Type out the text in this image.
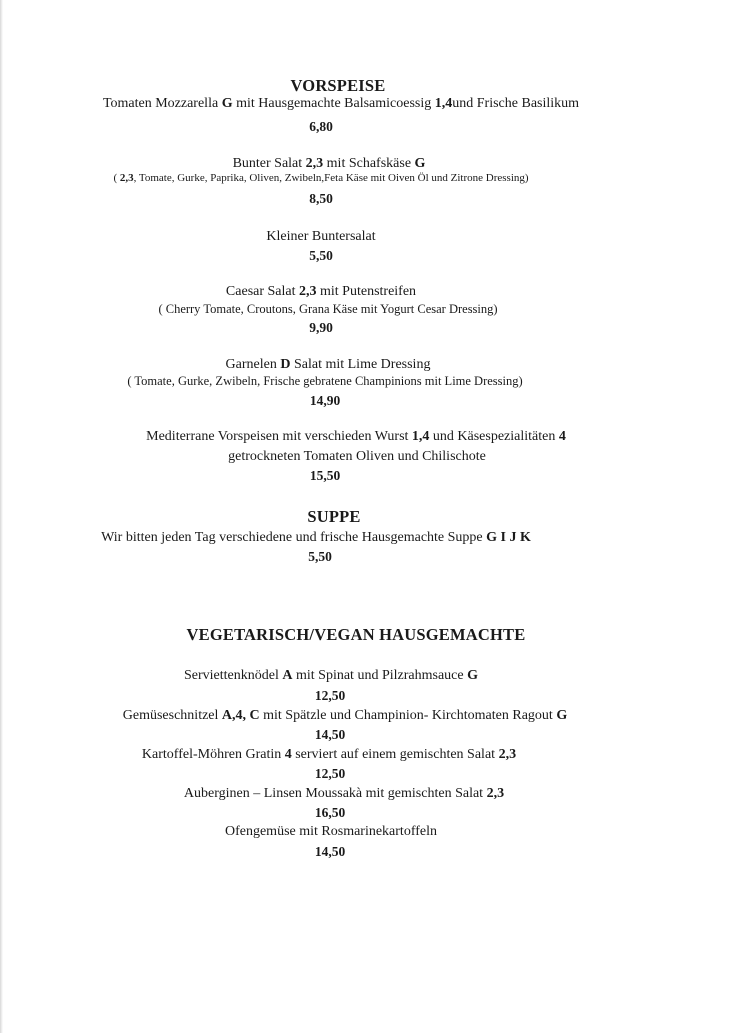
VORSPEISE
Tomaten Mozzarella G mit Hausgemachte Balsamicoessig 1,4und Frische Basilikum
6,80
Bunter Salat 2,3 mit Schafskäse G
( 2,3, Tomate, Gurke, Paprika, Oliven, Zwibeln,Feta Käse mit Oiven Öl und Zitrone Dressing)
8,50
Kleiner Buntersalat
5,50
Caesar Salat 2,3 mit Putenstreifen
( Cherry Tomate, Croutons, Grana Käse mit Yogurt Cesar Dressing)
9,90
Garnelen D Salat mit Lime Dressing
( Tomate, Gurke, Zwibeln, Frische gebratene Champinions mit Lime Dressing)
14,90
Mediterrane Vorspeisen mit verschieden Wurst 1,4 und Käsespezialitäten 4
getrockneten Tomaten Oliven und Chilischote
15,50
SUPPE
Wir bitten jeden Tag verschiedene und frische Hausgemachte Suppe G I J K
5,50
VEGETARISCH/VEGAN HAUSGEMACHTE
Serviettenknödel A mit Spinat und Pilzrahmsauce G
12,50
Gemüseschnitzel A,4, C mit Spätzle und Champinion- Kirchtomaten Ragout G
14,50
Kartoffel-Möhren Gratin 4 serviert auf einem gemischten Salat 2,3
12,50
Auberginen – Linsen Moussakà mit gemischten Salat 2,3
16,50
Ofengemüse mit Rosmarinekartoffeln
14,50
